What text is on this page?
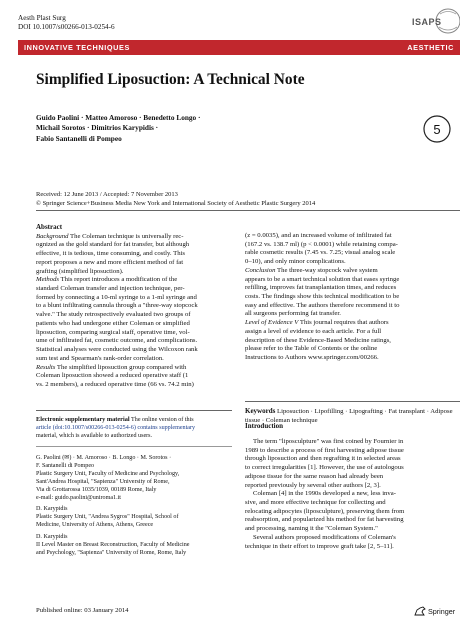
Aesth Plast Surg
DOI 10.1007/s00266-013-0254-6	ISAPS
INNOVATIVE TECHNIQUES	AESTHETIC
Simplified Liposuction: A Technical Note
Guido Paolini · Matteo Amoroso · Benedetto Longo ·
Michail Sorotos · Dimitrios Karypidis ·
Fabio Santanelli di Pompeo
5
Received: 12 June 2013 / Accepted: 7 November 2013
© Springer Science+Business Media New York and International Society of Aesthetic Plastic Surgery 2014

Abstract

Background The Coleman technique is universally rec-

ognized as the gold standard for fat transfer, but although

effective, it is tedious, time consuming, and costly. This

report proposes a new and more efficient method of fat

grafting (simplified liposuction).

Methods This report introduces a modification of the

standard Coleman transfer and injection technique, per-

formed by connecting a 10-ml syringe to a 1-ml syringe and

to a blunt infiltrating cannula through a "three-way stopcock

valve." The study retrospectively evaluated two groups of

patients who had undergone either Coleman or simplified

liposuction, comparing surgical staff, operative time, vol-

ume of infiltrated fat, cosmetic outcome, and complications.

Statistical analyses were conducted using the Wilcoxon rank

sum test and Spearman's rank-order correlation.

Results The simplified liposuction group compared with

Coleman liposuction showed a reduced operative staff (1

vs. 2 members), a reduced operative time (66 vs. 74.2 min)

(z = 0.0035), and an increased volume of infiltrated fat

(167.2 vs. 138.7 ml) (p < 0.0001) while retaining compa-

rable cosmetic results (7.45 vs. 7.25; visual analog scale

0–10), and only minor complications.

Conclusion The three-way stopcock valve system

appears to be a smart technical solution that eases syringe

refilling, improves fat transplantation times, and reduces

costs. The findings show this technical modification to be

easy and effective. The authors therefore recommend it to

all surgeons performing fat transfer.

Level of Evidence V This journal requires that authors

assign a level of evidence to each article. For a full

description of these Evidence-Based Medicine ratings,

please refer to the Table of Contents or the online

Instructions to Authors www.springer.com/00266.

Keywords Liposuction · Lipofilling · Lipografting · Fat transplant · Adipose tissue · Coleman technique
Introduction

The term "liposculpture" was first coined by Fournier in

1989 to describe a process of first harvesting adipose tissue

through liposuction and then regrafting it in selected areas

to correct irregularities [1]. However, the use of autologous

adipose tissue for the same reason had already been

reported previously by several other authors [2, 3].

Coleman [4] in the 1990s developed a new, less inva-

sive, and more effective technique for collecting and

relocating adipocytes (liposculpture), preserving them from

reabsorption, and popularized his method for fat harvesting

and processing, naming it the "Coleman System."

Several authors proposed modifications of Coleman's

technique in their effort to improve graft take [2, 5–11].

Electronic supplementary material The online version of this
article (doi:10.1007/s00266-013-0254-6) contains supplementary
material, which is available to authorized users.

G. Paolini (✉) · M. Amoroso · B. Longo · M. Sorotos ·
F. Santanelli di Pompeo
Plastic Surgery Unit, Faculty of Medicine and Psychology,
Sant'Andrea Hospital, "Sapienza" University of Rome,
Via di Grottarossa 1035/1039, 00189 Rome, Italy
e-mail: guido.paolini@uniroma1.it

D. Karypidis
Plastic Surgery Unit, "Andrea Sygros" Hospital, School of
Medicine, University of Athens, Athens, Greece

D. Karypidis
II Level Master on Breast Reconstruction, Faculty of Medicine
and Psychology, "Sapienza" University of Rome, Rome, Italy

Published online: 03 January 2014	Springer
